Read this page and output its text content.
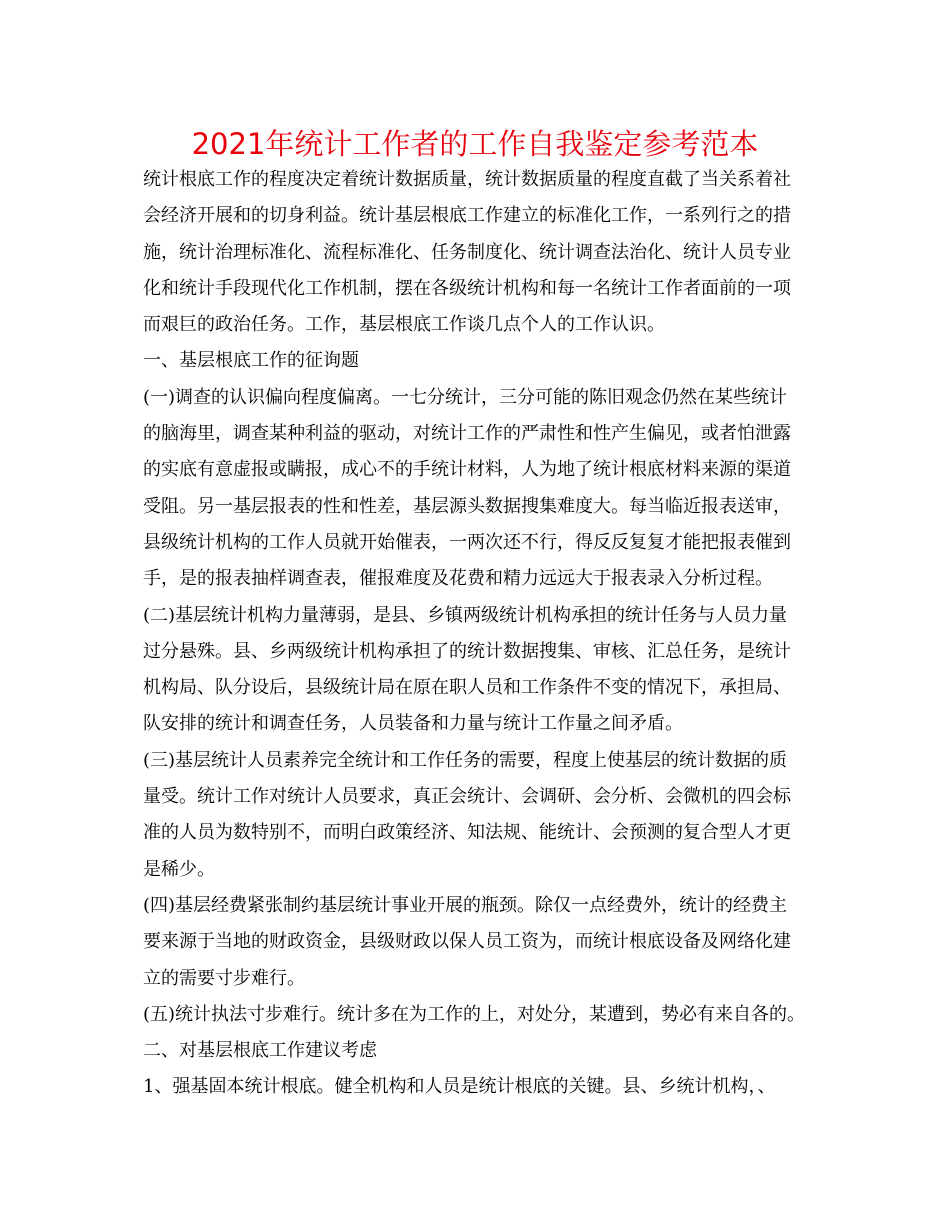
2021年统计工作者的工作自我鉴定参考范本
统计根底工作的程度决定着统计数据质量，统计数据质量的程度直截了当关系着社
会经济开展和的切身利益。统计基层根底工作建立的标准化工作，一系列行之的措
施，统计治理标准化、流程标准化、任务制度化、统计调查法治化、统计人员专业
化和统计手段现代化工作机制，摆在各级统计机构和每一名统计工作者面前的一项
而艰巨的政治任务。工作，基层根底工作谈几点个人的工作认识。
一、基层根底工作的征询题
(一)调查的认识偏向程度偏离。一七分统计，三分可能的陈旧观念仍然在某些统计
的脑海里，调查某种利益的驱动，对统计工作的严肃性和性产生偏见，或者怕泄露
的实底有意虚报或瞒报，成心不的手统计材料，人为地了统计根底材料来源的渠道
受阻。另一基层报表的性和性差，基层源头数据搜集难度大。每当临近报表送审，
县级统计机构的工作人员就开始催表，一两次还不行，得反反复复才能把报表催到
手，是的报表抽样调查表，催报难度及花费和精力远远大于报表录入分析过程。
(二)基层统计机构力量薄弱，是县、乡镇两级统计机构承担的统计任务与人员力量
过分悬殊。县、乡两级统计机构承担了的统计数据搜集、审核、汇总任务，是统计
机构局、队分设后，县级统计局在原在职人员和工作条件不变的情况下，承担局、
队安排的统计和调查任务，人员装备和力量与统计工作量之间矛盾。
(三)基层统计人员素养完全统计和工作任务的需要，程度上使基层的统计数据的质
量受。统计工作对统计人员要求，真正会统计、会调研、会分析、会微机的四会标
准的人员为数特别不，而明白政策经济、知法规、能统计、会预测的复合型人才更
是稀少。
(四)基层经费紧张制约基层统计事业开展的瓶颈。除仅一点经费外，统计的经费主
要来源于当地的财政资金，县级财政以保人员工资为，而统计根底设备及网络化建
立的需要寸步难行。
(五)统计执法寸步难行。统计多在为工作的上，对处分，某遭到，势必有来自各的。
二、对基层根底工作建议考虑
1、强基固本统计根底。健全机构和人员是统计根底的关键。县、乡统计机构，、
